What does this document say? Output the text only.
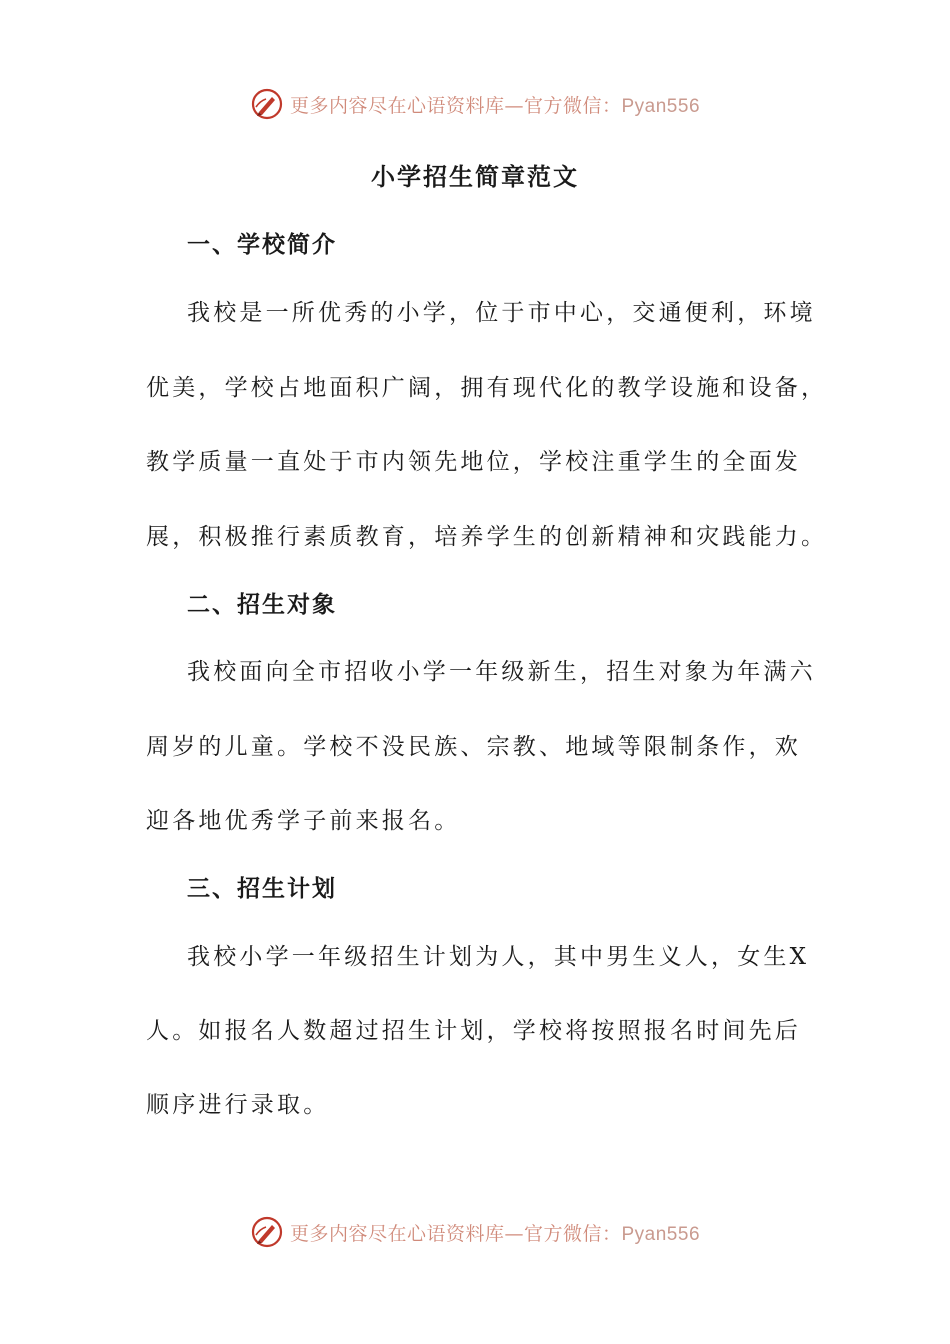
更多内容尽在心语资料库—官方微信：Pyan556
小学招生简章范文
一、学校简介

我校是一所优秀的小学，位于市中心，交通便利，环境

优美，学校占地面积广阔，拥有现代化的教学设施和设备，

教学质量一直处于市内领先地位，学校注重学生的全面发

展，积极推行素质教育，培养学生的创新精神和灾践能力。

二、招生对象

我校面向全市招收小学一年级新生，招生对象为年满六

周岁的儿童。学校不没民族、宗教、地域等限制条作，欢

迎各地优秀学子前来报名。

三、招生计划

我校小学一年级招生计划为人，其中男生义人，女生X

人。如报名人数超过招生计划，学校将按照报名时间先后

顺序进行录取。

更多内容尽在心语资料库—官方微信：Pyan556
